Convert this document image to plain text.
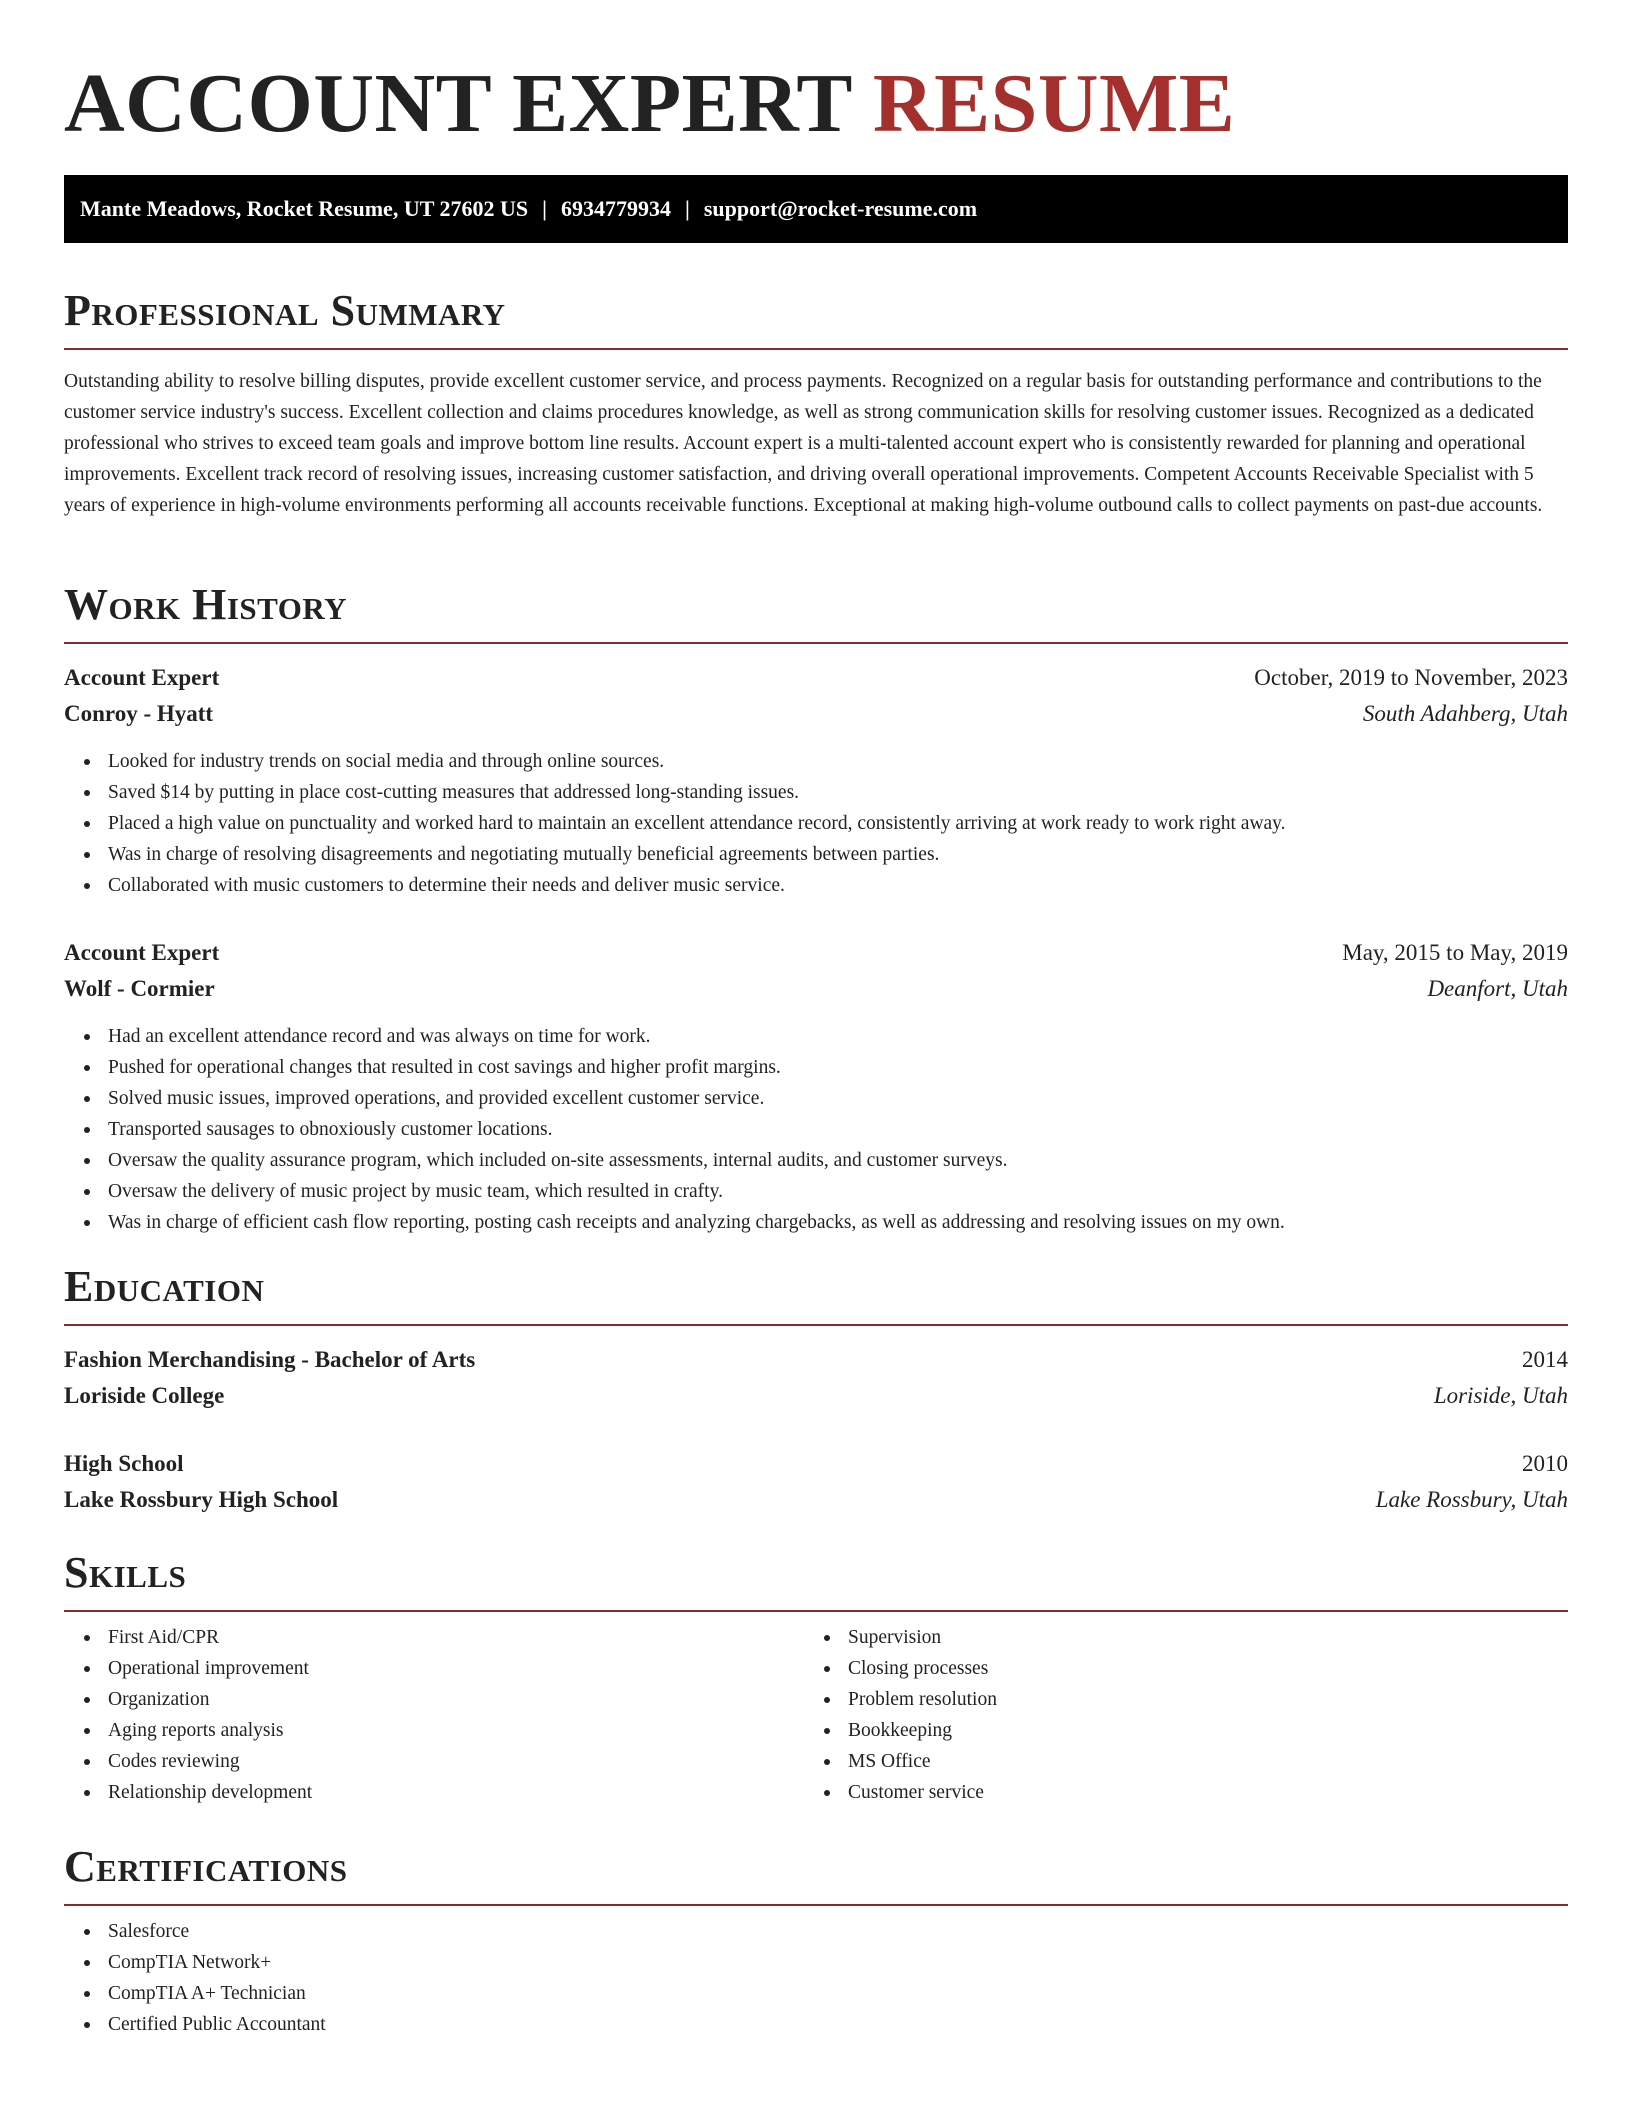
ACCOUNT EXPERT RESUME
Mante Meadows, Rocket Resume, UT 27602 US | 6934779934 | support@rocket-resume.com
Professional Summary

Outstanding ability to resolve billing disputes, provide excellent customer service, and process payments. Recognized on a regular basis for outstanding performance and contributions to the customer service industry's success. Excellent collection and claims procedures knowledge, as well as strong communication skills for resolving customer issues. Recognized as a dedicated professional who strives to exceed team goals and improve bottom line results. Account expert is a multi-talented account expert who is consistently rewarded for planning and operational improvements. Excellent track record of resolving issues, increasing customer satisfaction, and driving overall operational improvements. Competent Accounts Receivable Specialist with 5 years of experience in high-volume environments performing all accounts receivable functions. Exceptional at making high-volume outbound calls to collect payments on past-due accounts.

Work History
Account Expert	October, 2019 to November, 2023
Conroy - Hyatt	South Adahberg, Utah
Looked for industry trends on social media and through online sources.
Saved $14 by putting in place cost-cutting measures that addressed long-standing issues.
Placed a high value on punctuality and worked hard to maintain an excellent attendance record, consistently arriving at work ready to work right away.
Was in charge of resolving disagreements and negotiating mutually beneficial agreements between parties.
Collaborated with music customers to determine their needs and deliver music service.
Account Expert	May, 2015 to May, 2019
Wolf - Cormier	Deanfort, Utah
Had an excellent attendance record and was always on time for work.
Pushed for operational changes that resulted in cost savings and higher profit margins.
Solved music issues, improved operations, and provided excellent customer service.
Transported sausages to obnoxiously customer locations.
Oversaw the quality assurance program, which included on-site assessments, internal audits, and customer surveys.
Oversaw the delivery of music project by music team, which resulted in crafty.
Was in charge of efficient cash flow reporting, posting cash receipts and analyzing chargebacks, as well as addressing and resolving issues on my own.
Education
Fashion Merchandising - Bachelor of Arts	2014
Loriside College	Loriside, Utah
High School	2010
Lake Rossbury High School	Lake Rossbury, Utah
Skills
First Aid/CPR
Operational improvement
Organization
Aging reports analysis
Codes reviewing
Relationship development
Supervision
Closing processes
Problem resolution
Bookkeeping
MS Office
Customer service
Certifications
Salesforce
CompTIA Network+
CompTIA A+ Technician
Certified Public Accountant
